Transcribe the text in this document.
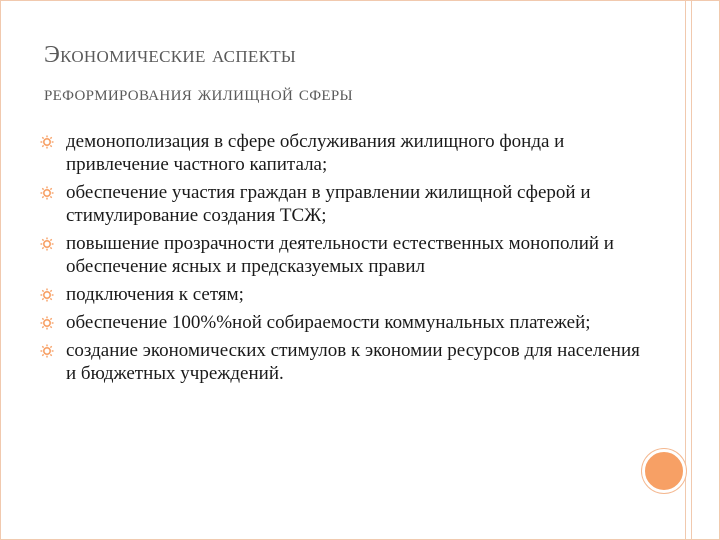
Экономические аспекты
реформирования жилищной сферы
демонополизация в сфере обслуживания жилищного фонда и привлечение частного капитала;
обеспечение участия граждан в управлении жилищной сферой и стимулирование создания ТСЖ;
повышение прозрачности деятельности естественных монополий и обеспечение ясных и предсказуемых правил
подключения к сетям;
обеспечение 100%%ной собираемости коммунальных платежей;
создание экономических стимулов к экономии ресурсов для населения и бюджетных учреждений.
